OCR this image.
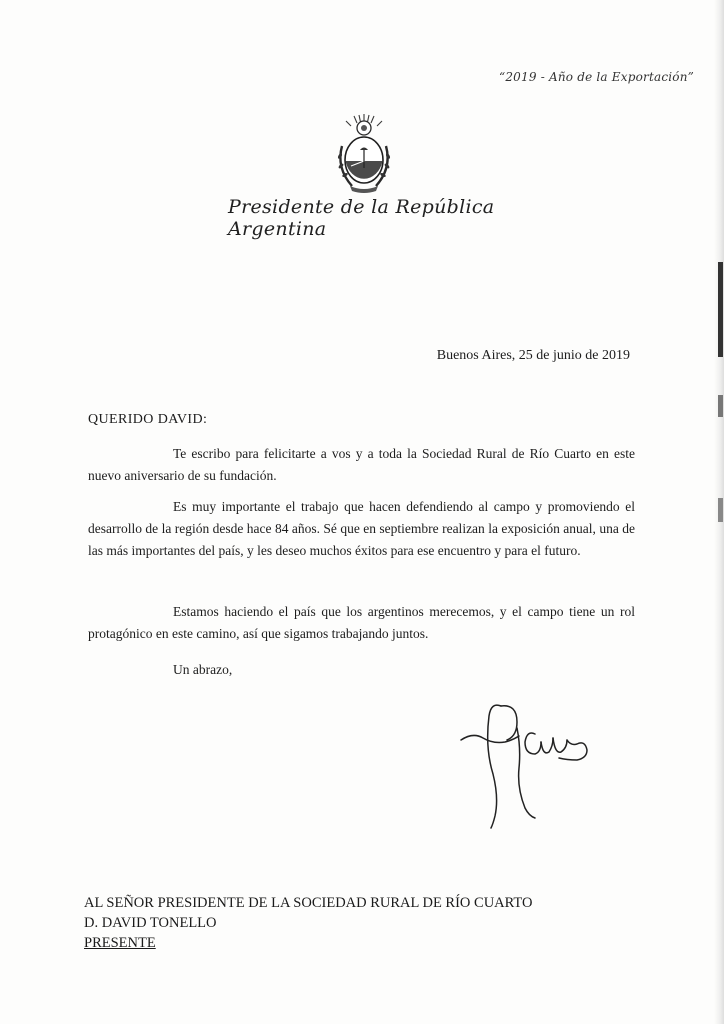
“2019 - Año de la Exportación”
Presidente de la República Argentina
Buenos Aires, 25 de junio de 2019
QUERIDO DAVID:
Te escribo para felicitarte a vos y a toda la Sociedad Rural de Río Cuarto en este nuevo aniversario de su fundación.
Es muy importante el trabajo que hacen defendiendo al campo y promoviendo el desarrollo de la región desde hace 84 años. Sé que en septiembre realizan la exposición anual, una de las más importantes del país, y les deseo muchos éxitos para ese encuentro y para el futuro.
Estamos haciendo el país que los argentinos merecemos, y el campo tiene un rol protagónico en este camino, así que sigamos trabajando juntos.
Un abrazo,
AL SEÑOR PRESIDENTE DE LA SOCIEDAD RURAL DE RÍO CUARTO
D. DAVID TONELLO
PRESENTE
